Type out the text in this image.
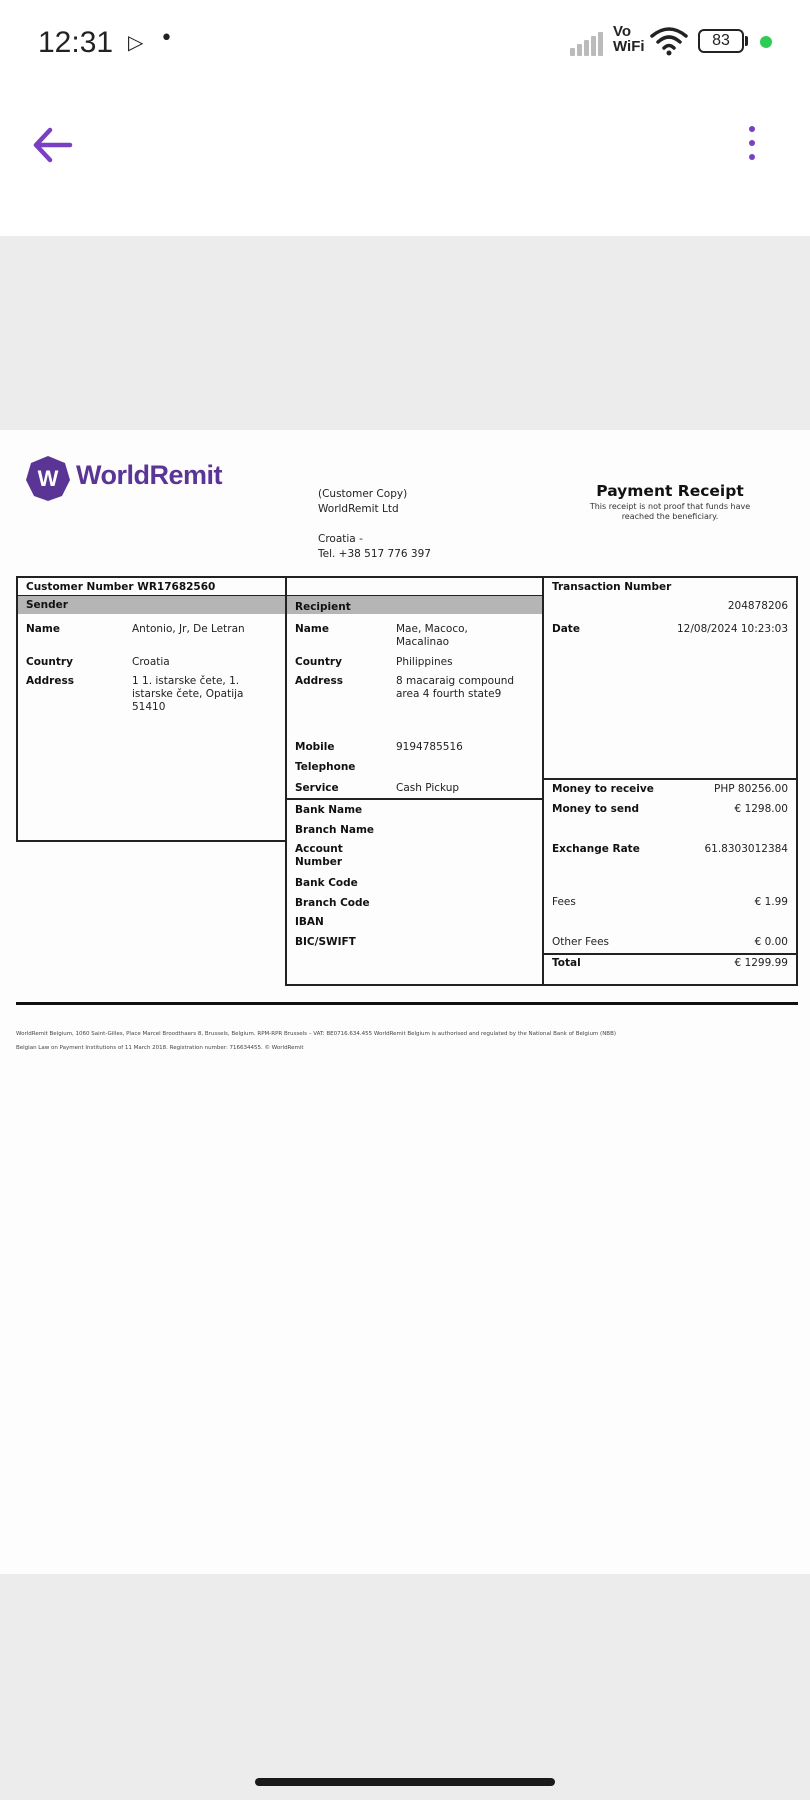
12:31 ▷ •	Vo
WiFi	83
W WorldRemit
(Customer Copy)
WorldRemit Ltd
Croatia -
Tel. +38 517 776 397
Payment Receipt
This receipt is not proof that funds have reached the beneficiary.
Customer Number WR17682560
Sender	Recipient
Name	Antonio, Jr, De Letran
Country	Croatia
Address	1 1. istarske čete, 1. istarske čete, Opatija 51410
Name	Mae, Macoco, Macalinao
Country	Philippines
Address	8 macaraig compound area 4 fourth state9
Mobile	9194785516
Telephone
Service	Cash Pickup
Bank Name
Branch Name
Account Number
Bank Code
Branch Code
IBAN
BIC/SWIFT
Transaction Number
204878206
Date	12/08/2024 10:23:03
Money to receive	PHP 80256.00
Money to send	€ 1298.00
Exchange Rate	61.8303012384
Fees	€ 1.99
Other Fees	€ 0.00
Total	€ 1299.99
WorldRemit Belgium, 1060 Saint-Gilles, Place Marcel Broodthaers 8, Brussels, Belgium. RPM-RPR Brussels – VAT: BE0716.634.455 WorldRemit Belgium is authorised and regulated by the National Bank of Belgium (NBB)
Belgian Law on Payment Institutions of 11 March 2018. Registration number: 716634455. © WorldRemit
